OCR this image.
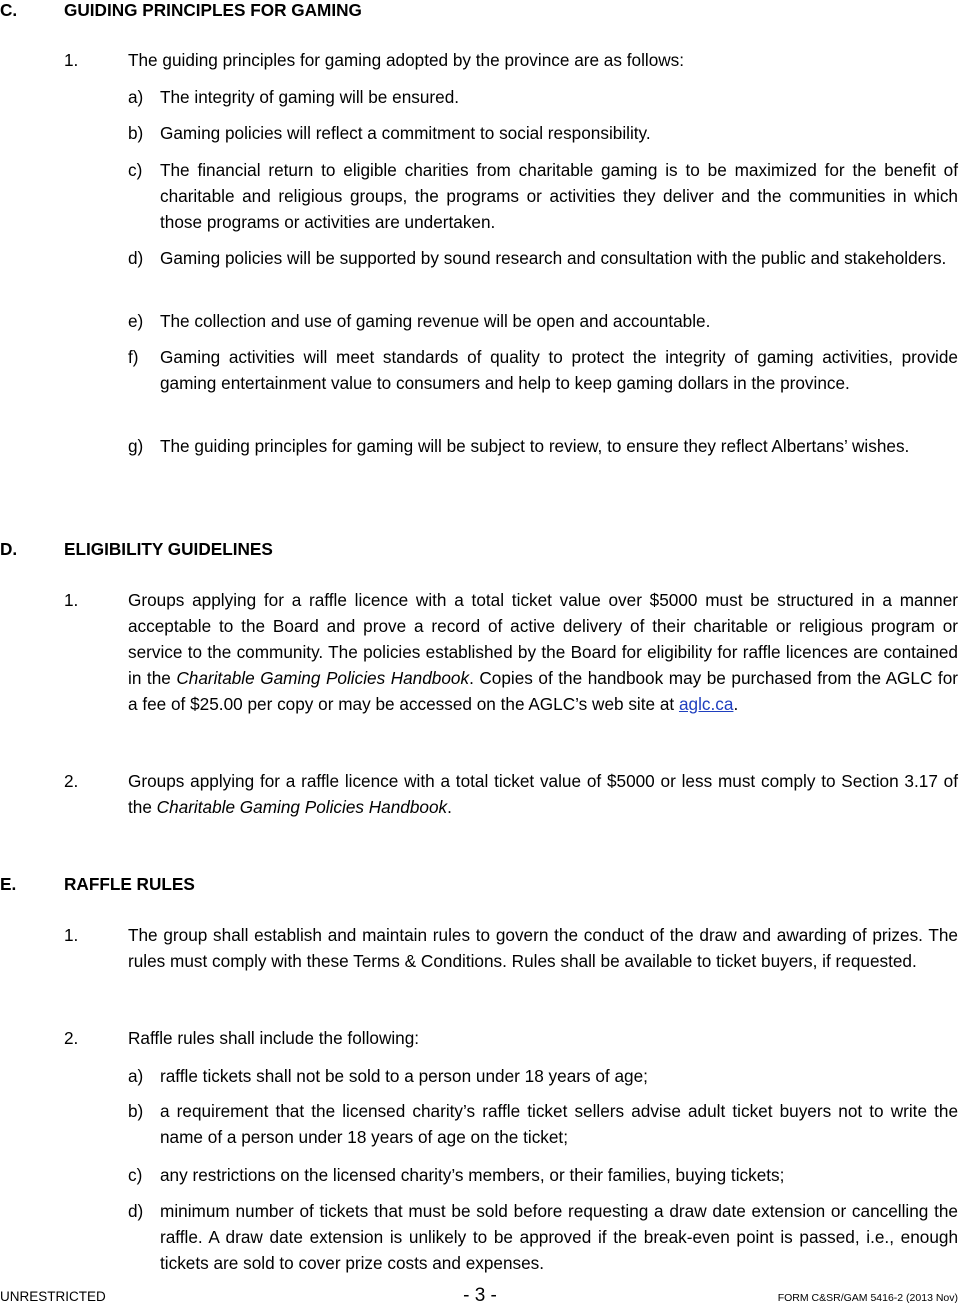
C.	GUIDING PRINCIPLES FOR GAMING
1.	The guiding principles for gaming adopted by the province are as follows:
a) The integrity of gaming will be ensured.
b) Gaming policies will reflect a commitment to social responsibility.
c) The financial return to eligible charities from charitable gaming is to be maximized for the benefit of charitable and religious groups, the programs or activities they deliver and the communities in which those programs or activities are undertaken.
d) Gaming policies will be supported by sound research and consultation with the public and stakeholders.
e) The collection and use of gaming revenue will be open and accountable.
f) Gaming activities will meet standards of quality to protect the integrity of gaming activities, provide gaming entertainment value to consumers and help to keep gaming dollars in the province.
g) The guiding principles for gaming will be subject to review, to ensure they reflect Albertans’ wishes.
D.	ELIGIBILITY GUIDELINES
1.	Groups applying for a raffle licence with a total ticket value over $5000 must be structured in a manner acceptable to the Board and prove a record of active delivery of their charitable or religious program or service to the community. The policies established by the Board for eligibility for raffle licences are contained in the Charitable Gaming Policies Handbook. Copies of the handbook may be purchased from the AGLC for a fee of $25.00 per copy or may be accessed on the AGLC’s web site at aglc.ca.
2.	Groups applying for a raffle licence with a total ticket value of $5000 or less must comply to Section 3.17 of the Charitable Gaming Policies Handbook.
E.	RAFFLE RULES
1.	The group shall establish and maintain rules to govern the conduct of the draw and awarding of prizes. The rules must comply with these Terms & Conditions. Rules shall be available to ticket buyers, if requested.
2.	Raffle rules shall include the following:
a) raffle tickets shall not be sold to a person under 18 years of age;
b) a requirement that the licensed charity’s raffle ticket sellers advise adult ticket buyers not to write the name of a person under 18 years of age on the ticket;
c) any restrictions on the licensed charity’s members, or their families, buying tickets;
d) minimum number of tickets that must be sold before requesting a draw date extension or cancelling the raffle. A draw date extension is unlikely to be approved if the break-even point is passed, i.e., enough tickets are sold to cover prize costs and expenses.
UNRESTRICTED	- 3 -	FORM C&SR/GAM 5416-2 (2013 Nov)
